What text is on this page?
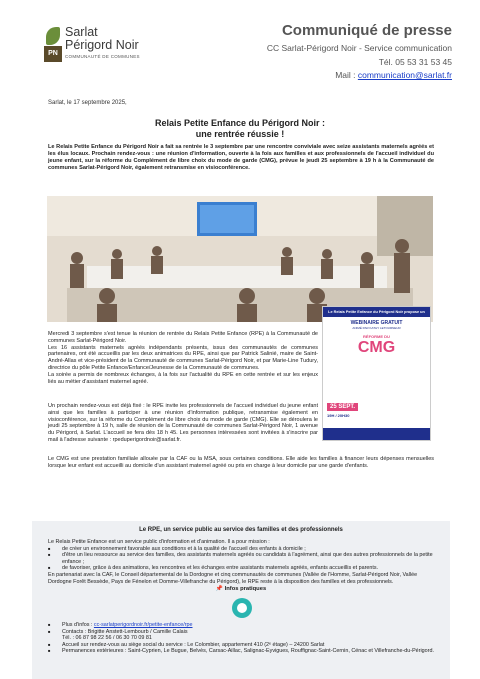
PN
Sarlat
Périgord Noir
COMMUNAUTÉ DE COMMUNES
Communiqué de presse
CC Sarlat-Périgord Noir - Service communication
Tél. 05 53 31 53 45
Mail : communication@sarlat.fr
Sarlat, le 17 septembre 2025,
Relais Petite Enfance du Périgord Noir :
une rentrée réussie !
Le Relais Petite Enfance du Périgord Noir a fait sa rentrée le 3 septembre par une rencontre conviviale avec seize assistants maternels agréés et les élus locaux. Prochain rendez-vous : une réunion d'information, ouverte à la fois aux familles et aux professionnels de l'accueil individuel du jeune enfant, sur la réforme du Complément de libre choix du mode de garde (CMG), prévue le jeudi 25 septembre à 19 h à la Communauté de communes Sarlat-Périgord Noir, également retransmise en visioconférence.
Mercredi 3 septembre s'est tenue la réunion de rentrée du Relais Petite Enfance (RPE) à la Communauté de communes Sarlat-Périgord Noir.
Les 16 assistants maternels agréés indépendants présents, issus des communautés de communes partenaires, ont été accueillis par les deux animatrices du RPE, ainsi que par Patrick Salinié, maire de Saint-André-Allas et vice-président de la Communauté de communes Sarlat-Périgord Noir, et par Marie-Line Tudury, directrice du pôle Petite Enfance/Enfance/Jeunesse de la Communauté de communes.
La soirée a permis de nombreux échanges, à la fois sur l'actualité du RPE en cette rentrée et sur les enjeux liés au métier d'assistant maternel agréé.
Un prochain rendez-vous est déjà fixé : le RPE invite les professionnels de l'accueil individuel du jeune enfant ainsi que les familles à participer à une réunion d'information publique, retransmise également en visioconférence, sur la réforme du Complément de libre choix du mode de garde (CMG). Elle se déroulera le jeudi 25 septembre à 19 h, salle de réunion de la Communauté de communes Sarlat-Périgord Noir, 1 avenue du Périgord, à Sarlat. L'accueil se fera dès 18 h 45. Les personnes intéressées sont invitées à s'inscrire par mail à l'adresse suivante : rpeduperigordnoir@sarlat.fr.
Le CMG est une prestation familiale allouée par la CAF ou la MSA, sous certaines conditions. Elle aide les familles à financer leurs dépenses mensuelles lorsque leur enfant est accueilli au domicile d'un assistant maternel agréé ou pris en charge à leur domicile par une garde d'enfants.
Le Relais Petite Enfance du Périgord Noir propose un
WEBINAIRE GRATUIT
ANIMÉ PAR KATHY LETOURNEUR
RÉFORME DU
CMG
25 SEPT.
19H / 20H30
Le RPE, un service public au service des familles et des professionnels
Le Relais Petite Enfance est un service public d'information et d'animation. Il a pour mission :
■ de créer un environnement favorable aux conditions et à la qualité de l'accueil des enfants à domicile ;
■ d'être un lieu ressource au service des familles, des assistants maternels agréés ou candidats à l'agrément, ainsi que des autres professionnels de la petite enfance ;
■ de favoriser, grâce à des animations, les rencontres et les échanges entre assistants maternels agréés, enfants accueillis et parents.
En partenariat avec la CAF, le Conseil départemental de la Dordogne et cinq communautés de communes (Vallée de l'Homme, Sarlat-Périgord Noir, Vallée Dordogne Forêt Bessède, Pays de Fénelon et Domme-Villefranche du Périgord), le RPE reste à la disposition des familles et des professionnels.
📌 Infos pratiques
■ Plus d'infos : cc-sarlatperigordnoir.fr/petite-enfance/rpe
■ Contacts : Brigitte Anstett-Lembourb / Camille Calais
Tél. : 06 87 98 22 56 / 06 30 70 09 81
■ Accueil sur rendez-vous au siège social du service : Le Colombier, appartement 410 (2ᵉ étage) – 24200 Sarlat
■ Permanences extérieures : Saint-Cyprien, Le Bugue, Belvès, Carsac-Aillac, Salignac-Eyvigues, Rouffignac-Saint-Cernin, Cénac et Villefranche-du-Périgord.
